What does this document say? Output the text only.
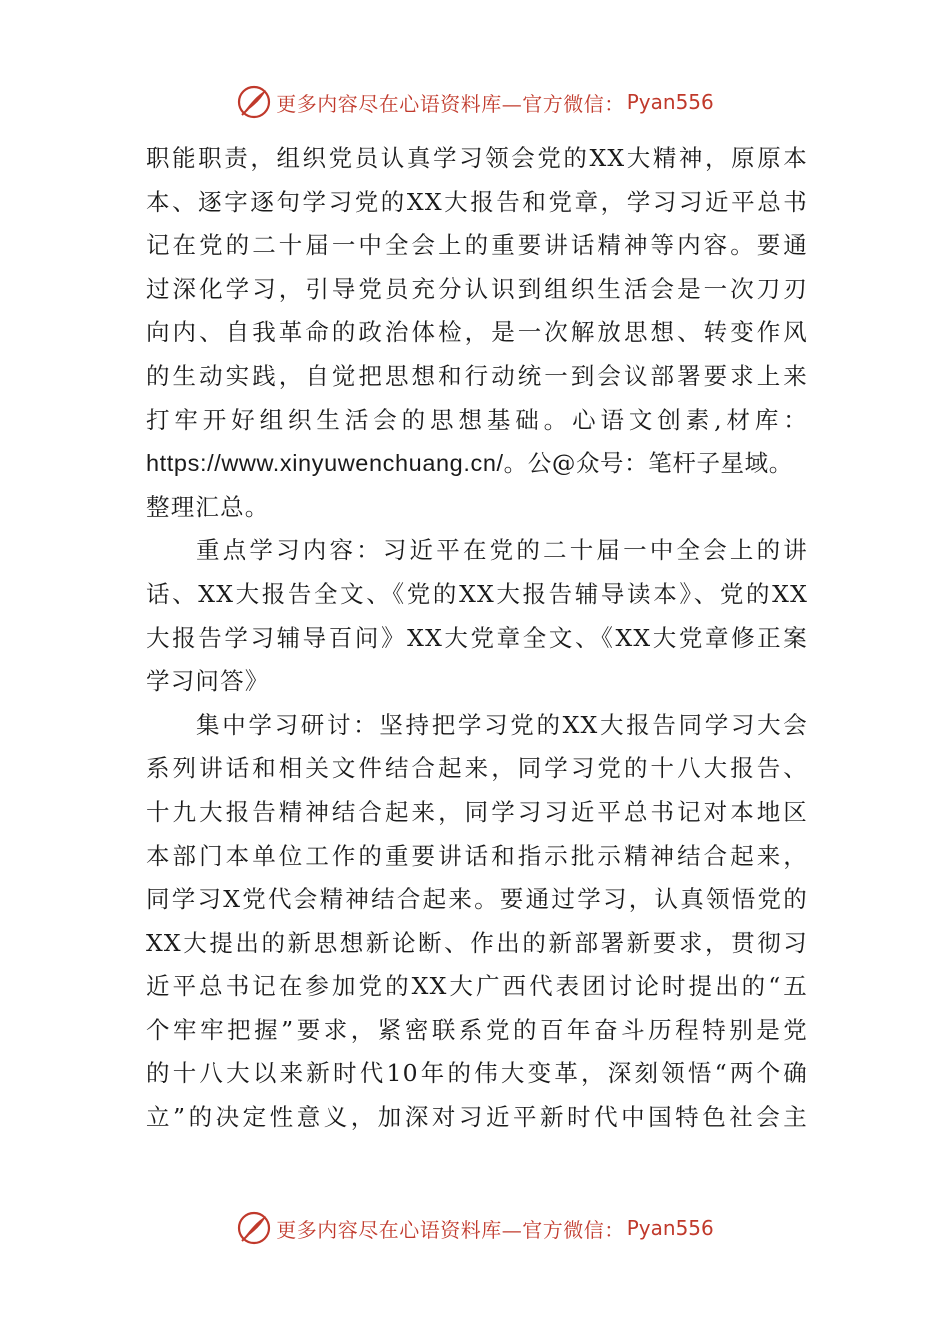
更多内容尽在心语资料库—官方微信： Pyan556
职能职责，组织党员认真学习领会党的XX大精神，原原本
本、逐字逐句学习党的XX大报告和党章，学习习近平总书
记在党的二十届一中全会上的重要讲话精神等内容。要通
过深化学习，引导党员充分认识到组织生活会是一次刀刃
向内、自我革命的政治体检，是一次解放思想、转变作风
的生动实践，自觉把思想和行动统一到会议部署要求上来
打牢开好组织生活会的思想基础。心语文创素,材库：
https://www.xinyuwenchuang.cn/。公@众号：笔杆子星域。
整理汇总。
重点学习内容：习近平在党的二十届一中全会上的讲
话、XX大报告全文、《党的XX大报告辅导读本》、党的XX
大报告学习辅导百问》XX大党章全文、《XX大党章修正案
学习问答》
集中学习研讨：坚持把学习党的XX大报告同学习大会
系列讲话和相关文件结合起来，同学习党的十八大报告、
十九大报告精神结合起来，同学习习近平总书记对本地区
本部门本单位工作的重要讲话和指示批示精神结合起来，
同学习X党代会精神结合起来。要通过学习，认真领悟党的
XX大提出的新思想新论断、作出的新部署新要求，贯彻习
近平总书记在参加党的XX大广西代表团讨论时提出的“五
个牢牢把握”要求，紧密联系党的百年奋斗历程特别是党
的十八大以来新时代10年的伟大变革，深刻领悟“两个确
立”的决定性意义，加深对习近平新时代中国特色社会主
更多内容尽在心语资料库—官方微信： Pyan556
